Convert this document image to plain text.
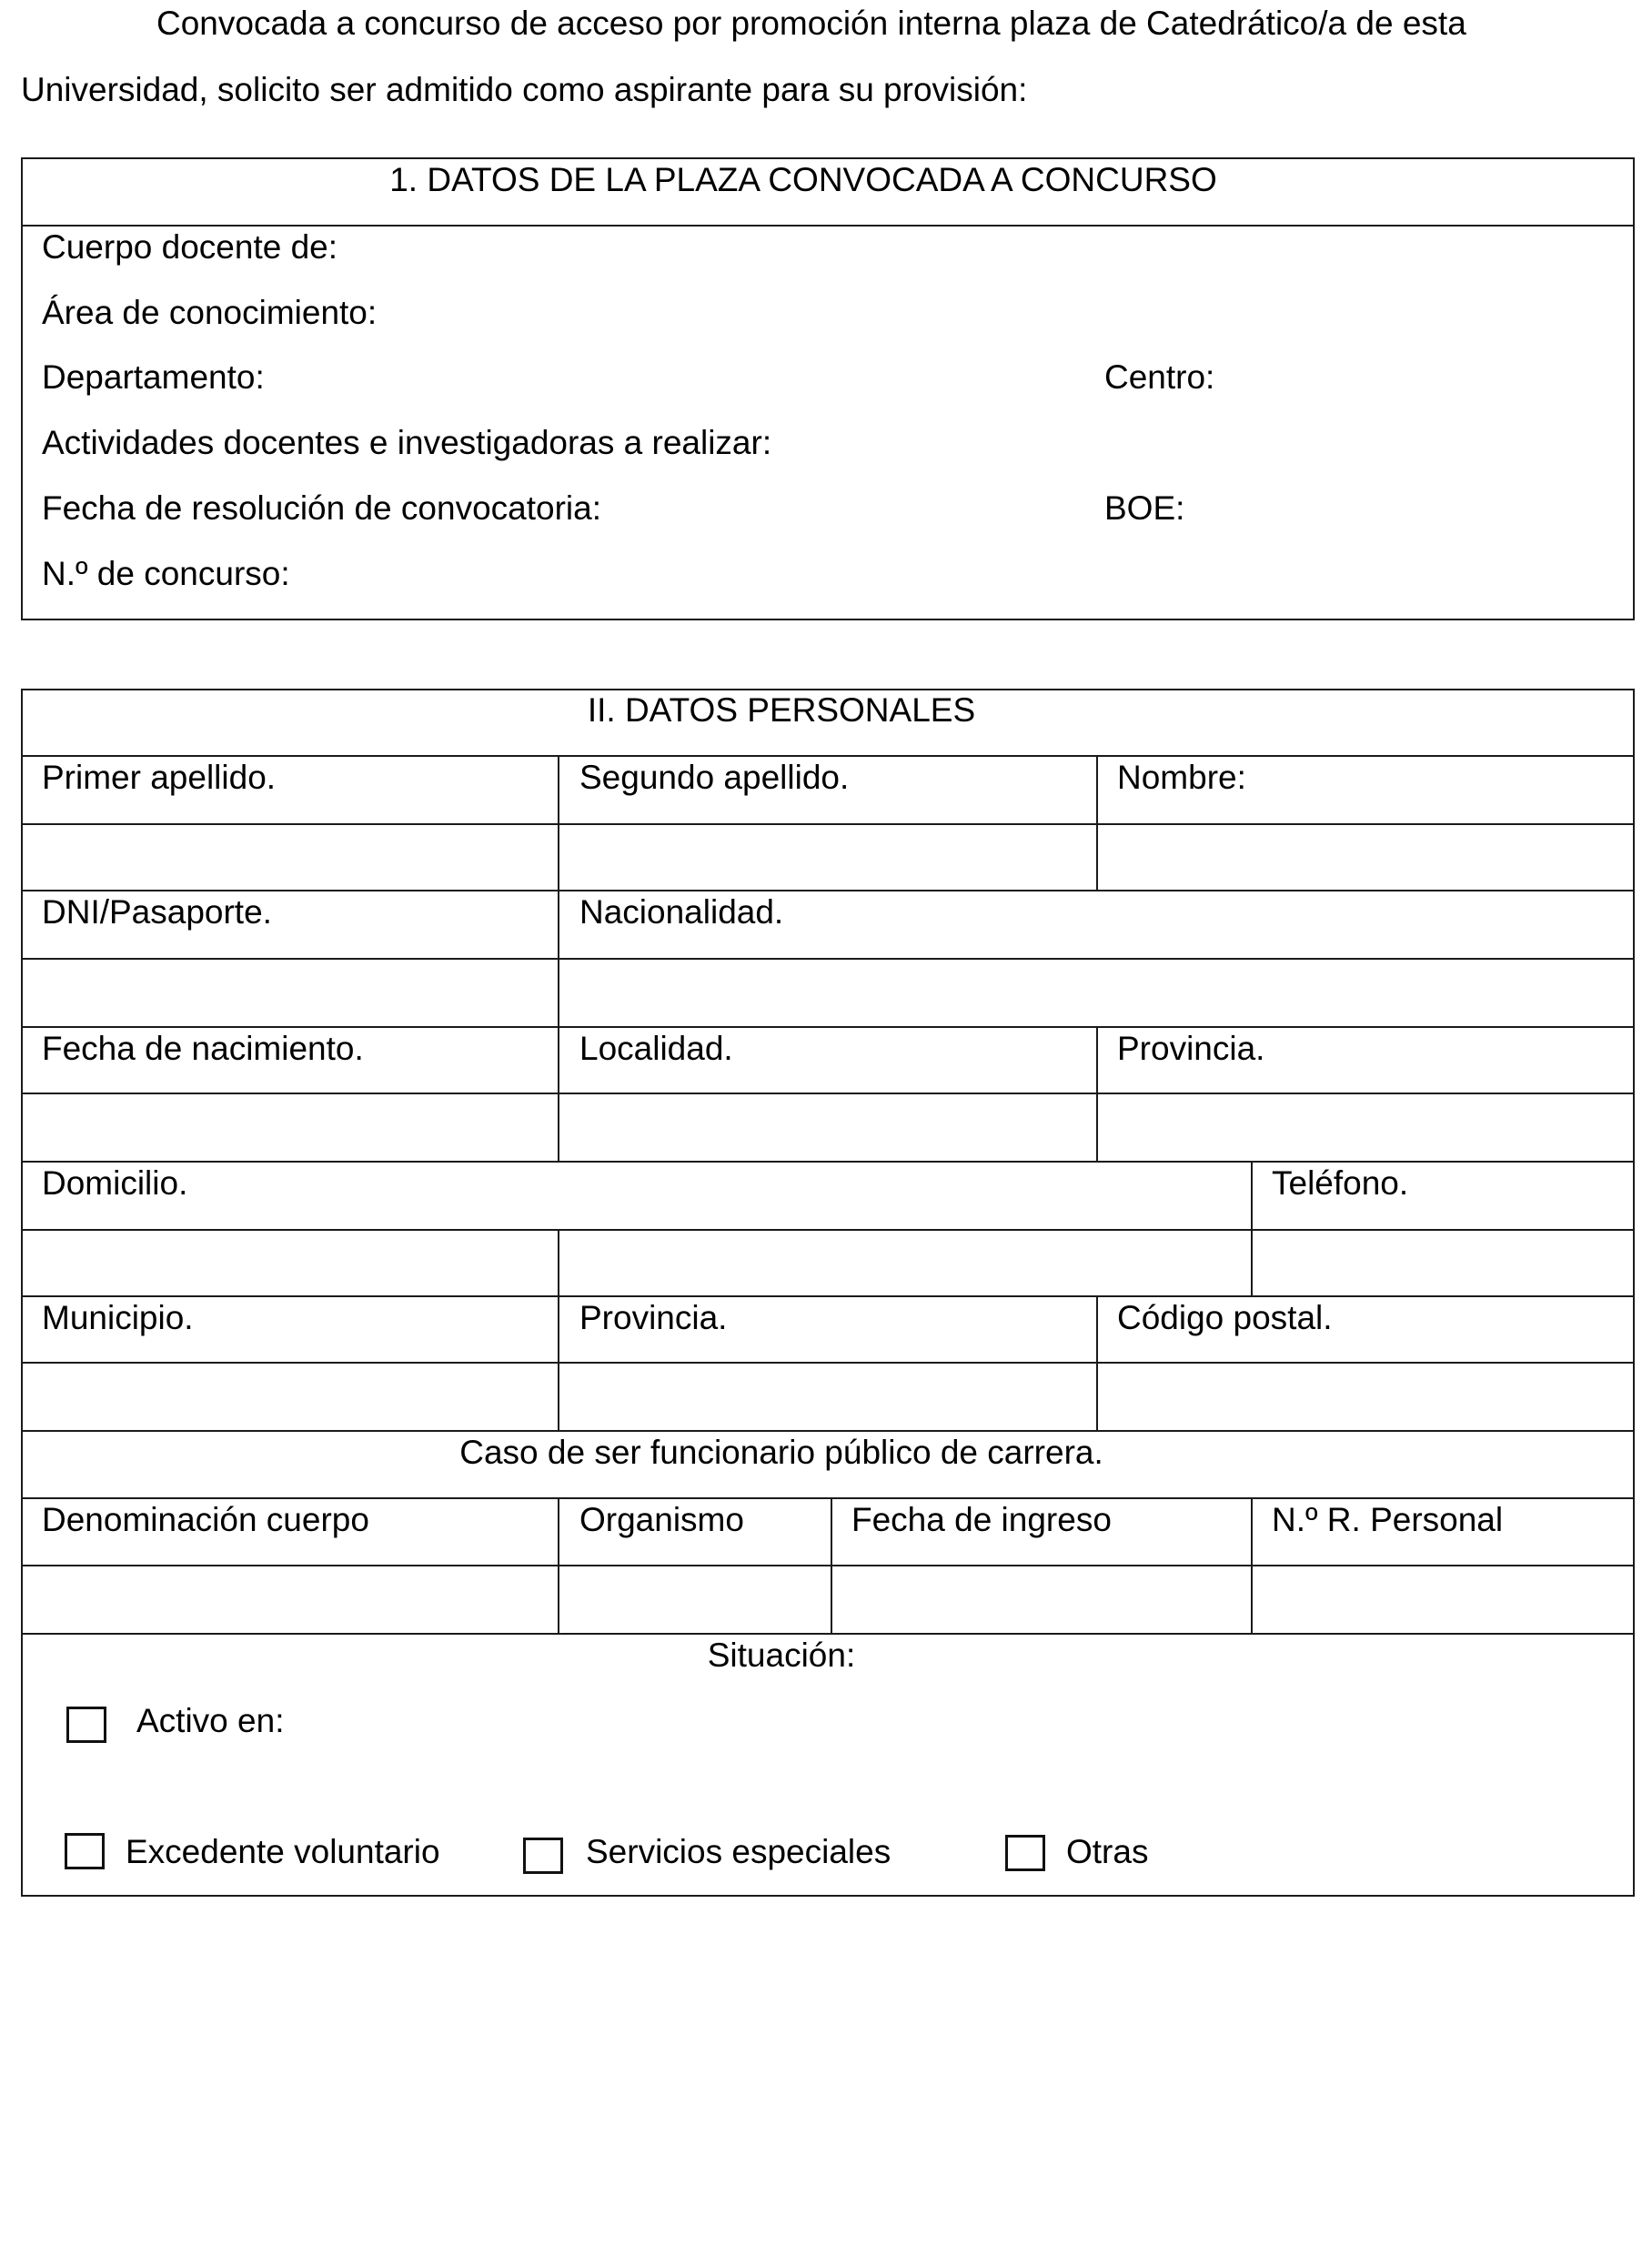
Convocada a concurso de acceso por promoción interna plaza de Catedrático/a de esta
Universidad, solicito ser admitido como aspirante para su provisión:
1. DATOS DE LA PLAZA CONVOCADA A CONCURSO
Cuerpo docente de:
Área de conocimiento:
Departamento:	Centro:
Actividades docentes e investigadoras a realizar:
Fecha de resolución de convocatoria:	BOE:
N.º de concurso:
II. DATOS PERSONALES
Primer apellido.	Segundo apellido.	Nombre:
DNI/Pasaporte.	Nacionalidad.
Fecha de nacimiento.	Localidad.	Provincia.
Domicilio.	Teléfono.
Municipio.	Provincia.	Código postal.
Caso de ser funcionario público de carrera.
Denominación cuerpo	Organismo	Fecha de ingreso	N.º R. Personal
Situación:
Activo en:
Excedente voluntario	Servicios especiales	Otras
